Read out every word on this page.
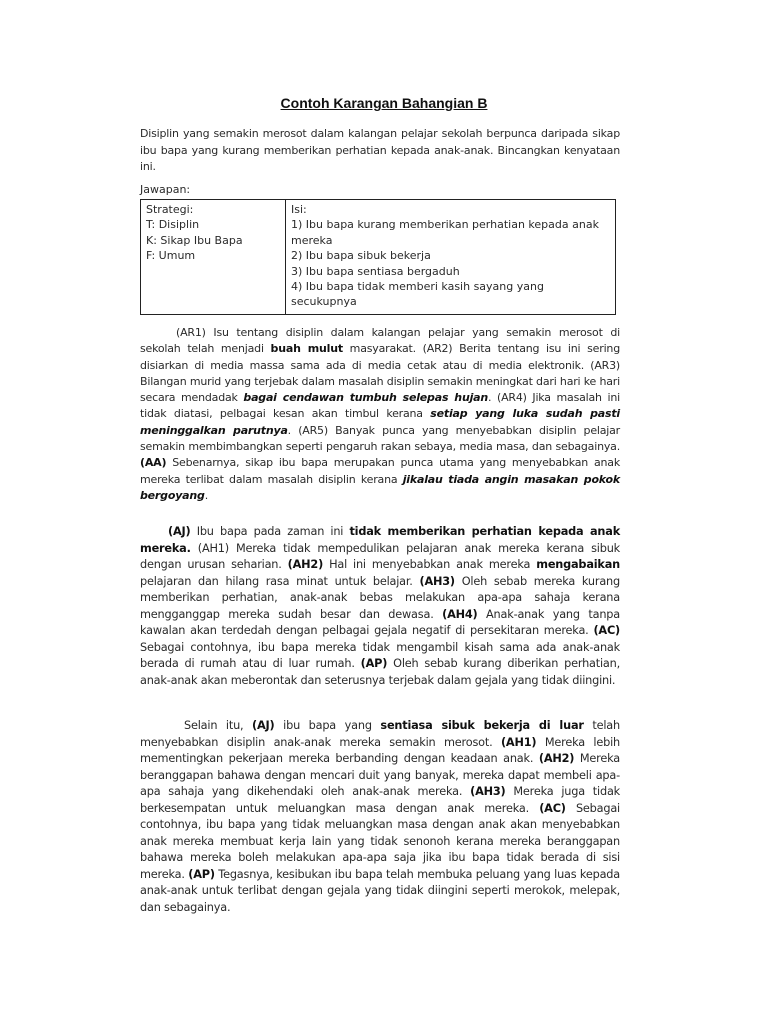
Contoh Karangan Bahangian B
Disiplin yang semakin merosot dalam kalangan pelajar sekolah berpunca daripada sikap ibu bapa yang kurang memberikan perhatian kepada anak-anak. Bincangkan kenyataan ini.
Jawapan:
Strategi:
T: Disiplin
K: Sikap Ibu Bapa
F: Umum

Isi:
1) Ibu bapa kurang memberikan perhatian kepada anak mereka
2) Ibu bapa sibuk bekerja
3) Ibu bapa sentiasa bergaduh
4) Ibu bapa tidak memberi kasih sayang yang secukupnya
(AR1) Isu tentang disiplin dalam kalangan pelajar yang semakin merosot di sekolah telah menjadi buah mulut masyarakat. (AR2) Berita tentang isu ini sering disiarkan di media massa sama ada di media cetak atau di media elektronik. (AR3) Bilangan murid yang terjebak dalam masalah disiplin semakin meningkat dari hari ke hari secara mendadak bagai cendawan tumbuh selepas hujan. (AR4) Jika masalah ini tidak diatasi, pelbagai kesan akan timbul kerana setiap yang luka sudah pasti meninggalkan parutnya. (AR5) Banyak punca yang menyebabkan disiplin pelajar semakin membimbangkan seperti pengaruh rakan sebaya, media masa, dan sebagainya. (AA) Sebenarnya, sikap ibu bapa merupakan punca utama yang menyebabkan anak mereka terlibat dalam masalah disiplin kerana jikalau tiada angin masakan pokok bergoyang.
(AJ) Ibu bapa pada zaman ini tidak memberikan perhatian kepada anak mereka. (AH1) Mereka tidak mempedulikan pelajaran anak mereka kerana sibuk dengan urusan seharian. (AH2) Hal ini menyebabkan anak mereka mengabaikan pelajaran dan hilang rasa minat untuk belajar. (AH3) Oleh sebab mereka kurang memberikan perhatian, anak-anak bebas melakukan apa-apa sahaja kerana mengganggap mereka sudah besar dan dewasa. (AH4) Anak-anak yang tanpa kawalan akan terdedah dengan pelbagai gejala negatif di persekitaran mereka. (AC) Sebagai contohnya, ibu bapa mereka tidak mengambil kisah sama ada anak-anak berada di rumah atau di luar rumah. (AP) Oleh sebab kurang diberikan perhatian, anak-anak akan meberontak dan seterusnya terjebak dalam gejala yang tidak diingini.
Selain itu, (AJ) ibu bapa yang sentiasa sibuk bekerja di luar telah menyebabkan disiplin anak-anak mereka semakin merosot. (AH1) Mereka lebih mementingkan pekerjaan mereka berbanding dengan keadaan anak. (AH2) Mereka beranggapan bahawa dengan mencari duit yang banyak, mereka dapat membeli apa-apa sahaja yang dikehendaki oleh anak-anak mereka. (AH3) Mereka juga tidak berkesempatan untuk meluangkan masa dengan anak mereka. (AC) Sebagai contohnya, ibu bapa yang tidak meluangkan masa dengan anak akan menyebabkan anak mereka membuat kerja lain yang tidak senonoh kerana mereka beranggapan bahawa mereka boleh melakukan apa-apa saja jika ibu bapa tidak berada di sisi mereka. (AP) Tegasnya, kesibukan ibu bapa telah membuka peluang yang luas kepada anak-anak untuk terlibat dengan gejala yang tidak diingini seperti merokok, melepak, dan sebagainya.
